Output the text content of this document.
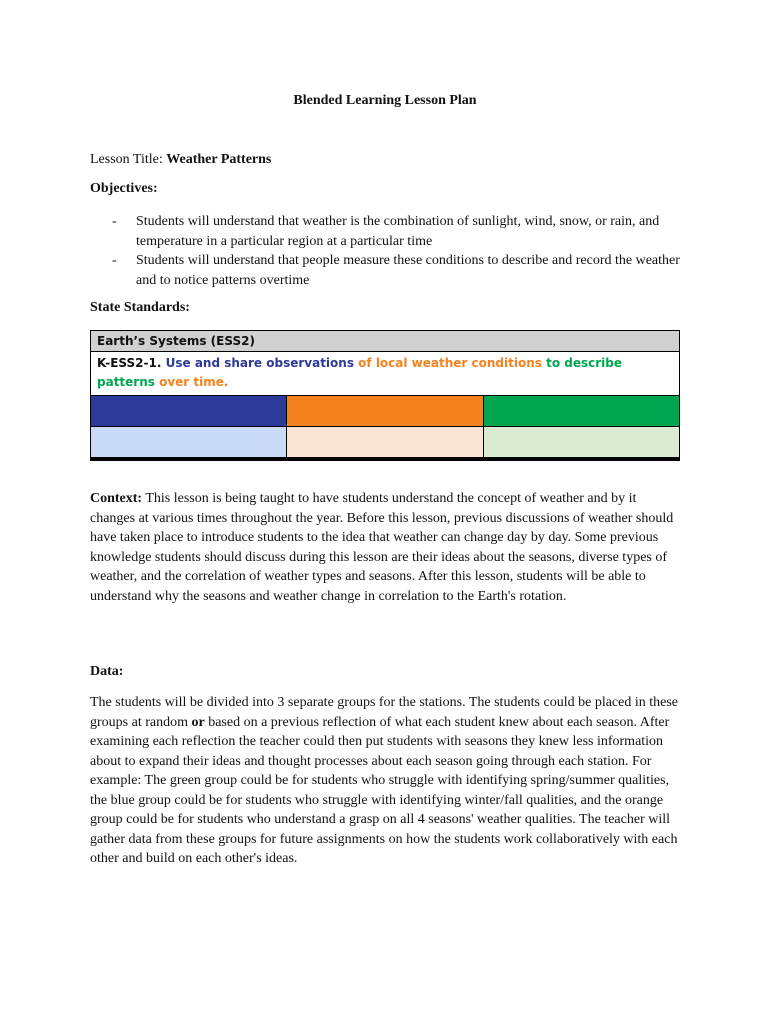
Blended Learning Lesson Plan
Lesson Title: Weather Patterns
Objectives:
- Students will understand that weather is the combination of sunlight, wind, snow, or rain, and temperature in a particular region at a particular time
- Students will understand that people measure these conditions to describe and record the weather and to notice patterns overtime
State Standards:
Earth’s Systems (ESS2)
K-ESS2-1. Use and share observations of local weather conditions to describe patterns over time.

Context: This lesson is being taught to have students understand the concept of weather and by it changes at various times throughout the year. Before this lesson, previous discussions of weather should have taken place to introduce students to the idea that weather can change day by day. Some previous knowledge students should discuss during this lesson are their ideas about the seasons, diverse types of weather, and the correlation of weather types and seasons. After this lesson, students will be able to understand why the seasons and weather change in correlation to the Earth's rotation.

Data:

The students will be divided into 3 separate groups for the stations. The students could be placed in these groups at random or based on a previous reflection of what each student knew about each season. After examining each reflection the teacher could then put students with seasons they knew less information about to expand their ideas and thought processes about each season going through each station. For example: The green group could be for students who struggle with identifying spring/summer qualities, the blue group could be for students who struggle with identifying winter/fall qualities, and the orange group could be for students who understand a grasp on all 4 seasons' weather qualities. The teacher will gather data from these groups for future assignments on how the students work collaboratively with each other and build on each other's ideas.
